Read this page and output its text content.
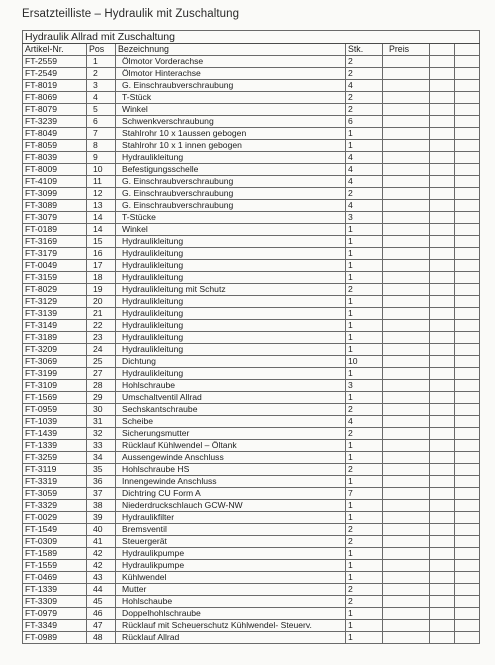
Ersatzteilliste – Hydraulik mit Zuschaltung
Hydraulik Allrad mit Zuschaltung						
Artikel-Nr.	Pos	Bezeichnung	Stk.	Preis		
FT-2559	1	Ölmotor Vorderachse	2			
FT-2549	2	Ölmotor Hinterachse	2			
FT-8019	3	G. Einschraubverschraubung	4			
FT-8069	4	T-Stück	2			
FT-8079	5	Winkel	2			
FT-3239	6	Schwenkverschraubung	6			
FT-8049	7	Stahlrohr 10 x 1aussen gebogen	1			
FT-8059	8	Stahlrohr 10 x 1 innen gebogen	1			
FT-8039	9	Hydraulikleitung	4			
FT-8009	10	Befestigungsschelle	4			
FT-4109	11	G. Einschraubverschraubung	4			
FT-3099	12	G. Einschraubverschraubung	2			
FT-3089	13	G. Einschraubverschraubung	4			
FT-3079	14	T-Stücke	3			
FT-0189	14	Winkel	1			
FT-3169	15	Hydraulikleitung	1			
FT-3179	16	Hydraulikleitung	1			
FT-0049	17	Hydraulikleitung	1			
FT-3159	18	Hydraulikleitung	1			
FT-8029	19	Hydraulikleitung mit Schutz	2			
FT-3129	20	Hydraulikleitung	1			
FT-3139	21	Hydraulikleitung	1			
FT-3149	22	Hydraulikleitung	1			
FT-3189	23	Hydraulikleitung	1			
FT-3209	24	Hydraulikleitung	1			
FT-3069	25	Dichtung	10			
FT-3199	27	Hydraulikleitung	1			
FT-3109	28	Hohlschraube	3			
FT-1569	29	Umschaltventil Allrad	1			
FT-0959	30	Sechskantschraube	2			
FT-1039	31	Scheibe	4			
FT-1439	32	Sicherungsmutter	2			
FT-1339	33	Rücklauf Kühlwendel – Öltank	1			
FT-3259	34	Aussengewinde Anschluss	1			
FT-3119	35	Hohlschraube HS	2			
FT-3319	36	Innengewinde Anschluss	1			
FT-3059	37	Dichtring CU Form A	7			
FT-3329	38	Niederdruckschlauch GCW-NW	1			
FT-0029	39	Hydraulikfilter	1			
FT-1549	40	Bremsventil	2			
FT-0309	41	Steuergerät	2			
FT-1589	42	Hydraulikpumpe	1			
FT-1559	42	Hydraulikpumpe	1			
FT-0469	43	Kühlwendel	1			
FT-1339	44	Mutter	2			
FT-3309	45	Hohlschaube	2			
FT-0979	46	Doppelhohlschraube	1			
FT-3349	47	Rücklauf mit Scheuerschutz Kühlwendel- Steuerv.	1			
FT-0989	48	Rücklauf Allrad	1			
